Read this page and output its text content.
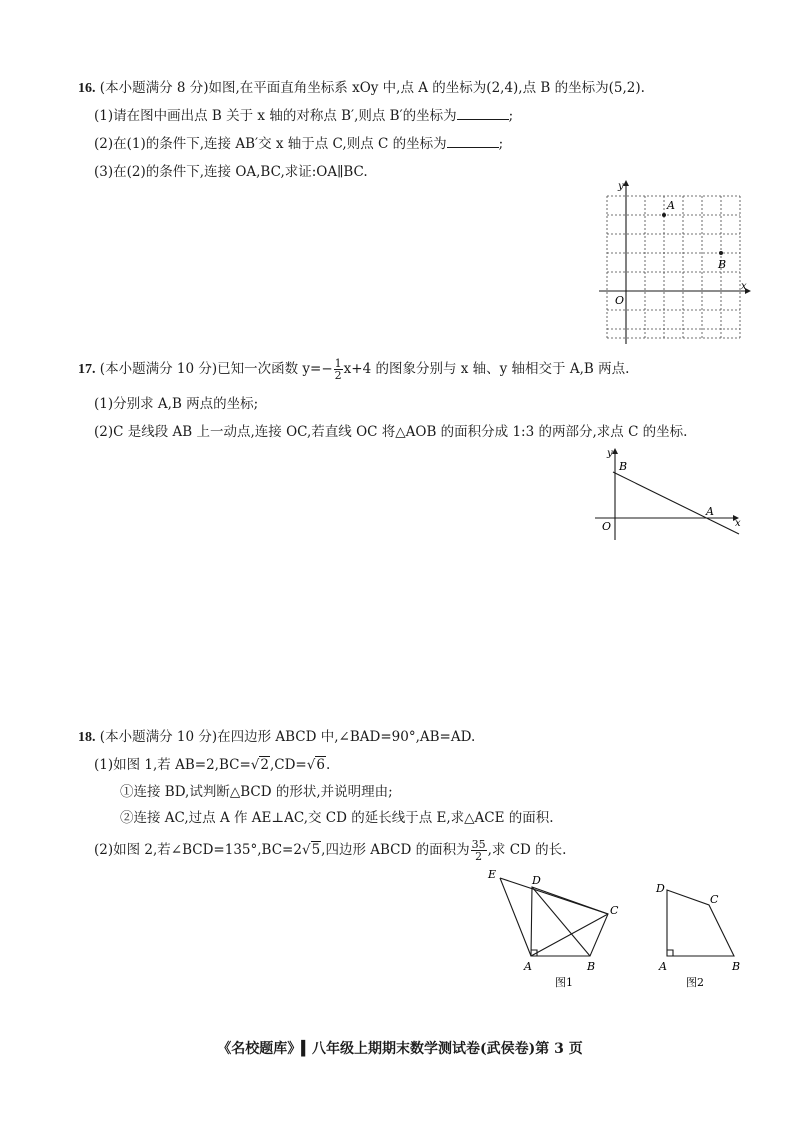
16. (本小题满分 8 分)如图,在平面直角坐标系 xOy 中,点 A 的坐标为(2,4),点 B 的坐标为(5,2).
(1)请在图中画出点 B 关于 x 轴的对称点 B′,则点 B′的坐标为	;
(2)在(1)的条件下,连接 AB′交 x 轴于点 C,则点 C 的坐标为	;
(3)在(2)的条件下,连接 OA,BC,求证:OA∥BC.
y
x
O
A
B
17. (本小题满分 10 分)已知一次函数 $y=- \frac{1}{2} x+4$ 的图象分别与 x 轴、y 轴相交于 A,B 两点.
(1)分别求 A,B 两点的坐标;
(2)C 是线段 AB 上一动点,连接 OC,若直线 OC 将△AOB 的面积分成 1:3 的两部分,求点 C 的坐标.
y
x
O
B
A
18. (本小题满分 10 分)在四边形 ABCD 中,∠BAD=90°,AB=AD.
(1)如图 1,若 AB=2,BC=√2,CD=√6.
①连接 BD,试判断△BCD 的形状,并说明理由;
②连接 AC,过点 A 作 AE⊥AC,交 CD 的延长线于点 E,求△ACE 的面积.
(2)如图 2,若∠BCD=135°,BC=2√5,四边形 ABCD 的面积为 $\frac{35}{2}$ ,求 CD 的长.
E	D
C
A	B
图1
D
C
A	B
图2
《名校题库》▍八年级上期期末数学测试卷(武侯卷)第 3 页
